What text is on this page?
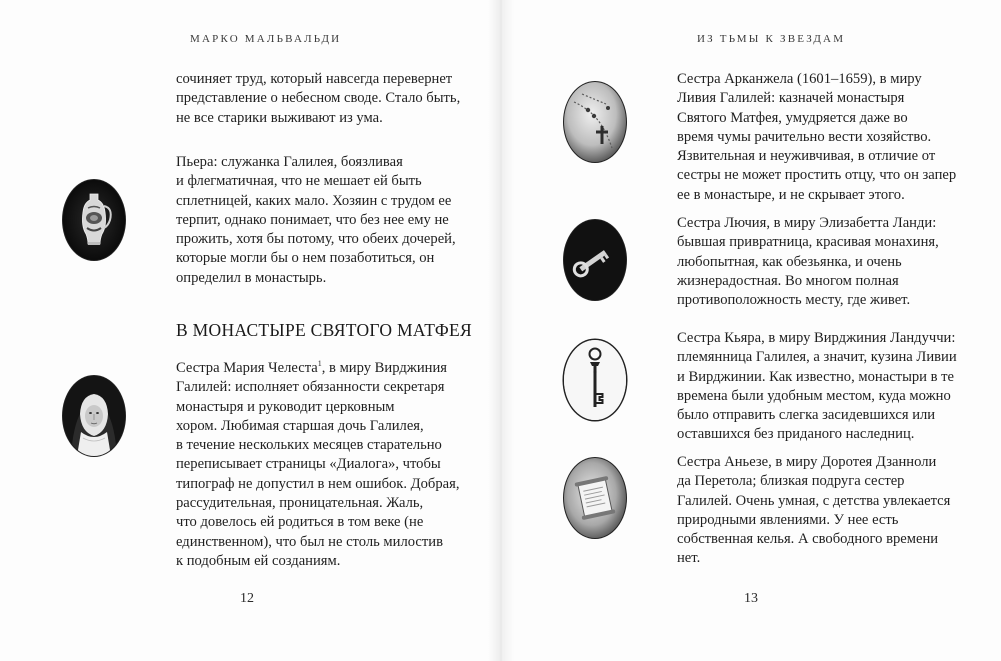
МАРКО МАЛЬВАЛЬДИ

сочиняет труд, который навсегда перевернет
представление о небесном своде. Стало быть,
не все старики выживают из ума.

Пьера: служанка Галилея, боязливая
и флегматичная, что не мешает ей быть
сплетницей, каких мало. Хозяин с трудом ее
терпит, однако понимает, что без нее ему не
прожить, хотя бы потому, что обеих дочерей,
которые могли бы о нем позаботиться, он
определил в монастырь.

В МОНАСТЫРЕ СВЯТОГО МАТФЕЯ

Сестра Мария Челеста$^1$, в миру Вирджиния
Галилей: исполняет обязанности секретаря
монастыря и руководит церковным
хором. Любимая старшая дочь Галилея,
в течение нескольких месяцев старательно
переписывает страницы «Диалога», чтобы
типограф не допустил в нем ошибок. Добрая,
рассудительная, проницательная. Жаль,
что довелось ей родиться в том веке (не
единственном), что был не столь милостив
к подобным ей созданиям.

12
ИЗ ТЬМЫ К ЗВЕЗДАМ

Сестра Арканжела (1601–1659), в миру
Ливия Галилей: казначей монастыря
Святого Матфея, умудряется даже во
время чумы рачительно вести хозяйство.
Язвительная и неуживчивая, в отличие от
сестры не может простить отцу, что он запер
ее в монастыре, и не скрывает этого.

Сестра Лючия, в миру Элизабетта Ланди:
бывшая привратница, красивая монахиня,
любопытная, как обезьянка, и очень
жизнерадостная. Во многом полная
противоположность месту, где живет.

Сестра Кьяра, в миру Вирджиния Ландуччи:
племянница Галилея, а значит, кузина Ливии
и Вирджинии. Как известно, монастыри в те
времена были удобным местом, куда можно
было отправить слегка засидевшихся или
оставшихся без приданого наследниц.

Сестра Аньезе, в миру Доротея Дзанноли
да Перетола; близкая подруга сестер
Галилей. Очень умная, с детства увлекается
природными явлениями. У нее есть
собственная келья. А свободного времени
нет.

13
